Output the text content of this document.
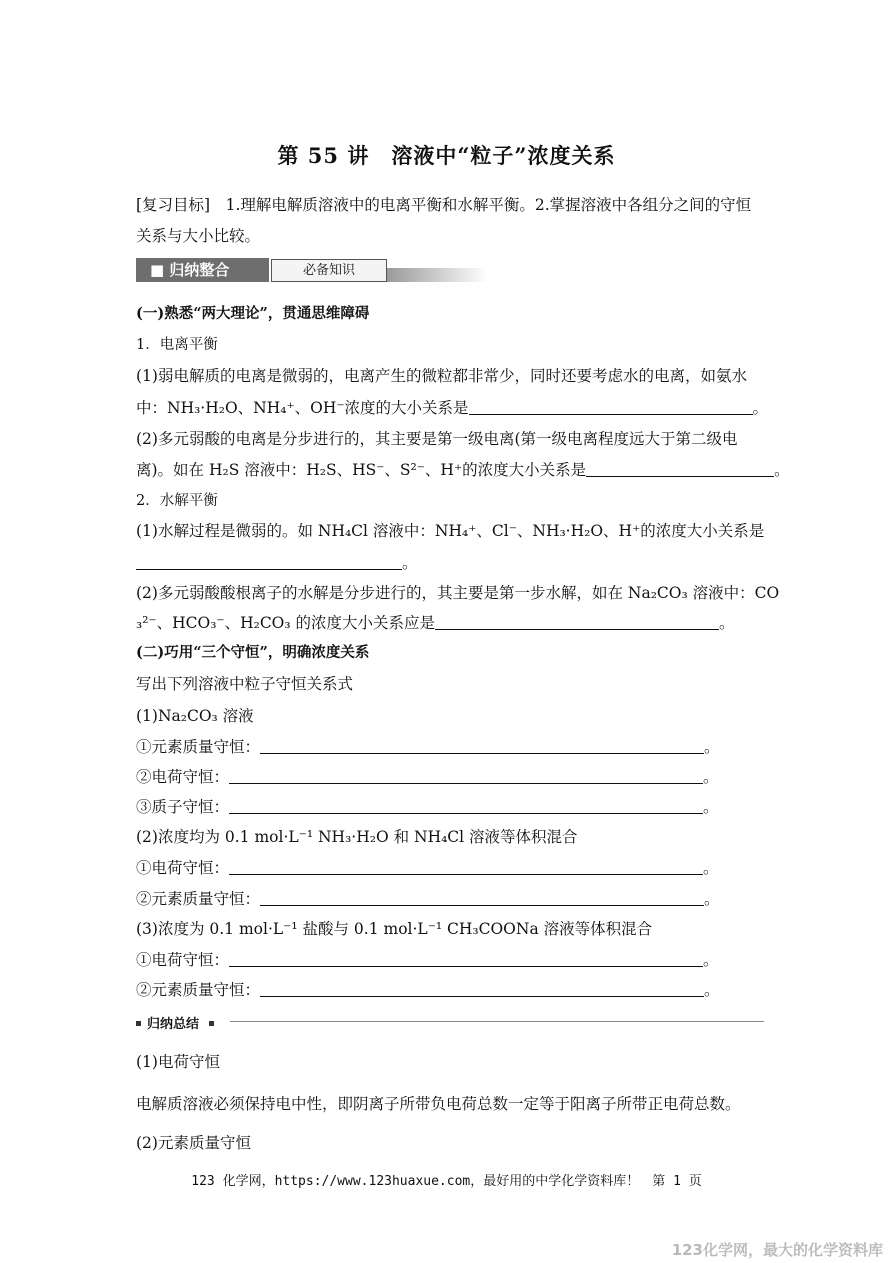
第 55 讲　溶液中“粒子”浓度关系
[复习目标]　1.理解电解质溶液中的电离平衡和水解平衡。2.掌握溶液中各组分之间的守恒
关系与大小比较。
■ 归纳整合	必备知识
(一)熟悉“两大理论”，贯通思维障碍
1．电离平衡
(1)弱电解质的电离是微弱的，电离产生的微粒都非常少，同时还要考虑水的电离，如氨水
中：NH₃·H₂O、NH₄⁺、OH⁻浓度的大小关系是	。
(2)多元弱酸的电离是分步进行的，其主要是第一级电离(第一级电离程度远大于第二级电
离)。如在 H₂S 溶液中：H₂S、HS⁻、S²⁻、H⁺的浓度大小关系是	。
2．水解平衡
(1)水解过程是微弱的。如 NH₄Cl 溶液中：NH₄⁺、Cl⁻、NH₃·H₂O、H⁺的浓度大小关系是
。
(2)多元弱酸酸根离子的水解是分步进行的，其主要是第一步水解，如在 Na₂CO₃ 溶液中：CO
₃²⁻、HCO₃⁻、H₂CO₃ 的浓度大小关系应是	。
(二)巧用“三个守恒”，明确浓度关系
写出下列溶液中粒子守恒关系式
(1)Na₂CO₃ 溶液
①元素质量守恒：	。
②电荷守恒：	。
③质子守恒：	。
(2)浓度均为 0.1 mol·L⁻¹ NH₃·H₂O 和 NH₄Cl 溶液等体积混合
①电荷守恒：	。
②元素质量守恒：	。
(3)浓度为 0.1 mol·L⁻¹ 盐酸与 0.1 mol·L⁻¹ CH₃COONa 溶液等体积混合
①电荷守恒：	。
②元素质量守恒：	。
归纳总结
(1)电荷守恒
电解质溶液必须保持电中性，即阴离子所带负电荷总数一定等于阳离子所带正电荷总数。
(2)元素质量守恒
123 化学网，https://www.123huaxue.com，最好用的中学化学资料库！　第 1 页
123化学网，最大的化学资料库
